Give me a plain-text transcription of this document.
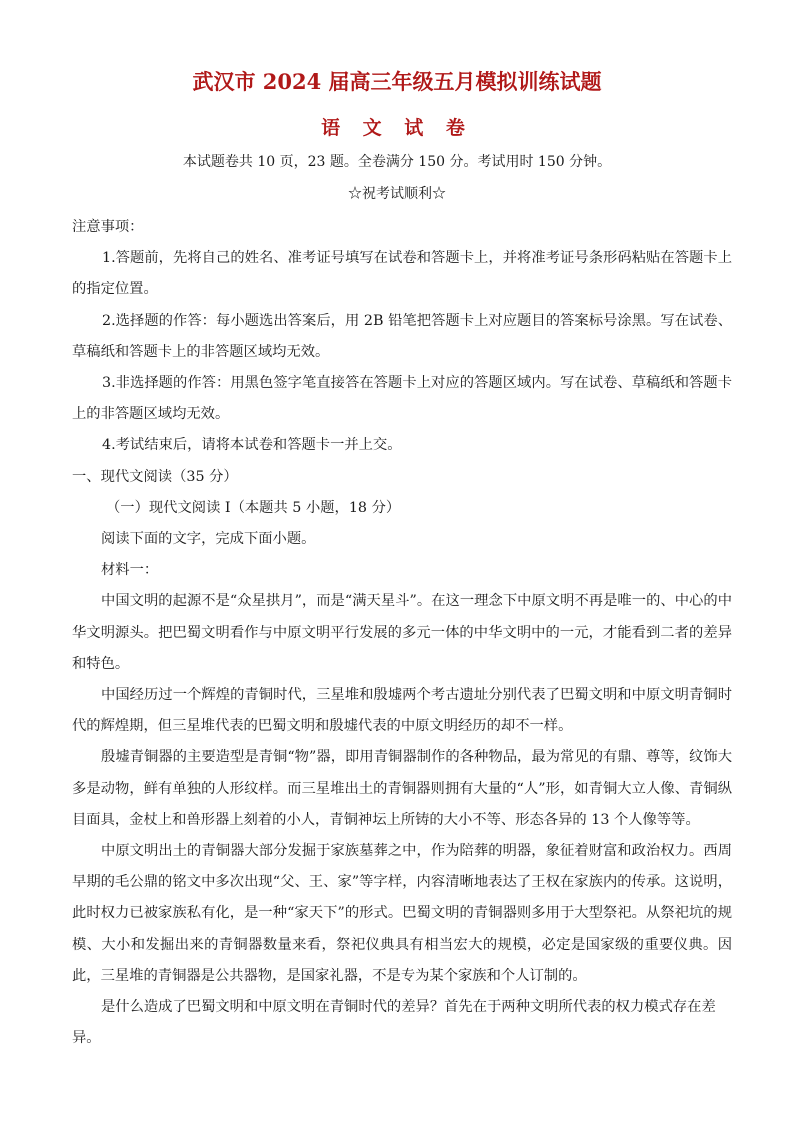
武汉市 2024 届高三年级五月模拟训练试题
语 文 试 卷
本试题卷共 10 页，23 题。全卷满分 150 分。考试用时 150 分钟。
☆祝考试顺利☆

注意事项：

1.答题前，先将自己的姓名、准考证号填写在试卷和答题卡上，并将准考证号条形码粘贴在答题卡上的指定位置。

2.选择题的作答：每小题选出答案后，用 2B 铅笔把答题卡上对应题目的答案标号涂黑。写在试卷、草稿纸和答题卡上的非答题区域均无效。

3.非选择题的作答：用黑色签字笔直接答在答题卡上对应的答题区域内。写在试卷、草稿纸和答题卡上的非答题区域均无效。

4.考试结束后，请将本试卷和答题卡一并上交。

一、现代文阅读（35 分）

（一）现代文阅读 I（本题共 5 小题，18 分）

阅读下面的文字，完成下面小题。

材料一：

中国文明的起源不是“众星拱月”，而是“满天星斗”。在这一理念下中原文明不再是唯一的、中心的中华文明源头。把巴蜀文明看作与中原文明平行发展的多元一体的中华文明中的一元，才能看到二者的差异和特色。

中国经历过一个辉煌的青铜时代，三星堆和殷墟两个考古遗址分别代表了巴蜀文明和中原文明青铜时代的辉煌期，但三星堆代表的巴蜀文明和殷墟代表的中原文明经历的却不一样。

殷墟青铜器的主要造型是青铜“物”器，即用青铜器制作的各种物品，最为常见的有鼎、尊等，纹饰大多是动物，鲜有单独的人形纹样。而三星堆出土的青铜器则拥有大量的“人”形，如青铜大立人像、青铜纵目面具，金杖上和兽形器上刻着的小人，青铜神坛上所铸的大小不等、形态各异的 13 个人像等等。

中原文明出土的青铜器大部分发掘于家族墓葬之中，作为陪葬的明器，象征着财富和政治权力。西周早期的毛公鼎的铭文中多次出现“父、王、家”等字样，内容清晰地表达了王权在家族内的传承。这说明，此时权力已被家族私有化，是一种“家天下”的形式。巴蜀文明的青铜器则多用于大型祭祀。从祭祀坑的规模、大小和发掘出来的青铜器数量来看，祭祀仪典具有相当宏大的规模，必定是国家级的重要仪典。因此，三星堆的青铜器是公共器物，是国家礼器，不是专为某个家族和个人订制的。

是什么造成了巴蜀文明和中原文明在青铜时代的差异？首先在于两种文明所代表的权力模式存在差异。
